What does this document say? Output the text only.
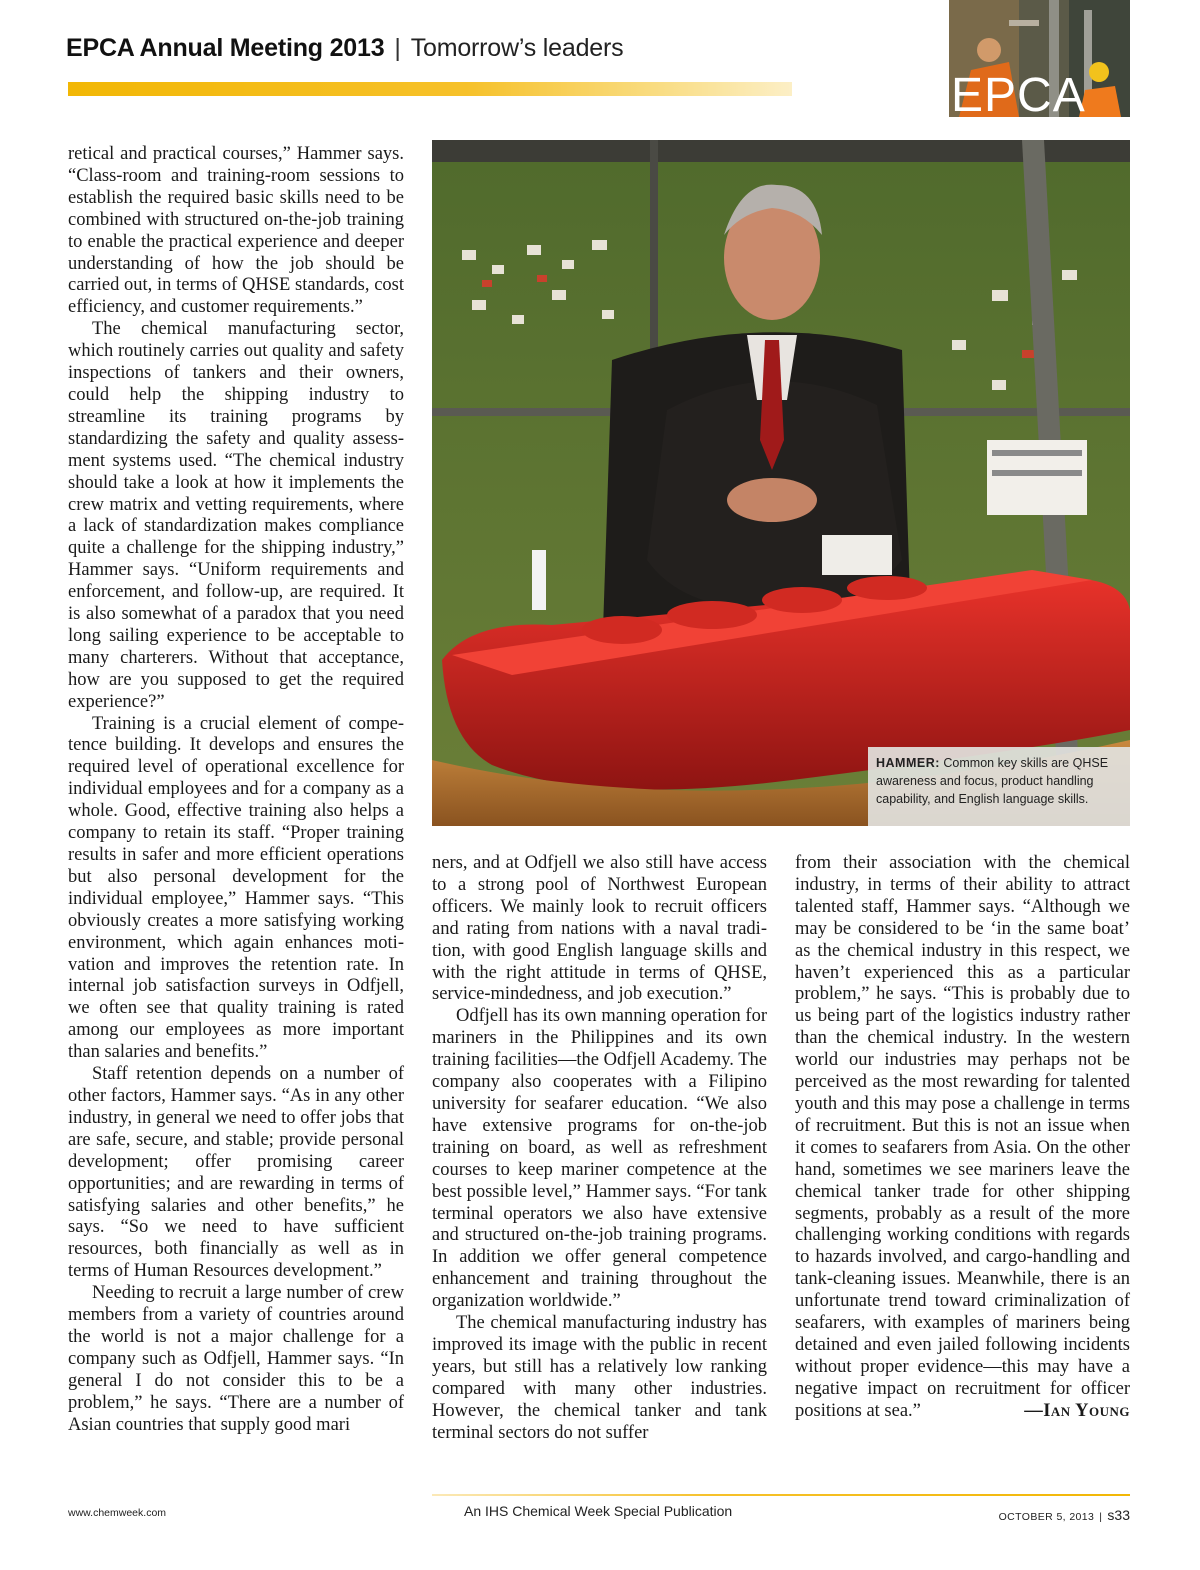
EPCA Annual Meeting 2013 | Tomorrow’s leaders
EPCA
HAMMER: Common key skills are QHSE awareness and focus, product handling capability, and English language skills.

retical and practical courses,” Hammer says. “Class-room and training-room sessions to establish the required basic skills need to be combined with structured on-the-job training to enable the practical experience and deeper understanding of how the job should be carried out, in terms of QHSE standards, cost efficiency, and customer requirements.”

The chemical manufacturing sector, which routinely carries out quality and safety inspections of tankers and their owners, could help the shipping industry to streamline its training programs by standardizing the safety and quality assessment systems used. “The chemical industry should take a look at how it implements the crew matrix and vetting requirements, where a lack of standardization makes compliance quite a challenge for the shipping industry,” Hammer says. “Uniform requirements and enforcement, and follow-up, are required. It is also somewhat of a paradox that you need long sailing experience to be acceptable to many charterers. Without that acceptance, how are you supposed to get the required experience?”

Training is a crucial element of competence building. It develops and ensures the required level of operational excellence for individual employees and for a company as a whole. Good, effective training also helps a company to retain its staff. “Proper training results in safer and more efficient operations but also personal development for the individual employee,” Hammer says. “This obviously creates a more satisfying working environment, which again enhances motivation and improves the retention rate. In internal job satisfaction surveys in Odfjell, we often see that quality training is rated among our employees as more important than salaries and benefits.”

Staff retention depends on a number of other factors, Hammer says. “As in any other industry, in general we need to offer jobs that are safe, secure, and stable; provide personal development; offer promising career opportunities; and are rewarding in terms of satisfying salaries and other benefits,” he says. “So we need to have sufficient resources, both financially as well as in terms of Human Resources development.”

Needing to recruit a large number of crew members from a variety of countries around the world is not a major challenge for a company such as Odfjell, Hammer says. “In general I do not consider this to be a problem,” he says. “There are a number of Asian countries that supply good mari

ners, and at Odfjell we also still have access to a strong pool of Northwest European officers. We mainly look to recruit officers and rating from nations with a naval tradition, with good English language skills and with the right attitude in terms of QHSE, service-mindedness, and job execution.”

Odfjell has its own manning operation for mariners in the Philippines and its own training facilities—the Odfjell Academy. The company also cooperates with a Filipino university for seafarer education. “We also have extensive programs for on-the-job training on board, as well as refreshment courses to keep mariner competence at the best possible level,” Hammer says. “For tank terminal operators we also have extensive and structured on-the-job training programs. In addition we offer general competence enhancement and training throughout the organization worldwide.”

The chemical manufacturing industry has improved its image with the public in recent years, but still has a relatively low ranking compared with many other industries. However, the chemical tanker and tank terminal sectors do not suffer

from their association with the chemical industry, in terms of their ability to attract talented staff, Hammer says. “Although we may be considered to be ‘in the same boat’ as the chemical industry in this respect, we haven’t experienced this as a particular problem,” he says. “This is probably due to us being part of the logistics industry rather than the chemical industry. In the western world our industries may perhaps not be perceived as the most rewarding for talented youth and this may pose a challenge in terms of recruitment. But this is not an issue when it comes to seafarers from Asia. On the other hand, sometimes we see mariners leave the chemical tanker trade for other shipping segments, probably as a result of the more challenging working conditions with regards to hazards involved, and cargo-handling and tank-cleaning issues. Meanwhile, there is an unfortunate trend toward criminalization of seafarers, with examples of mariners being detained and even jailed following incidents without proper evidence—this may have a negative impact on recruitment for officer positions at sea.”	—Ian Young

www.chemweek.com	An IHS Chemical Week Special Publication	OCTOBER 5, 2013 | s33
